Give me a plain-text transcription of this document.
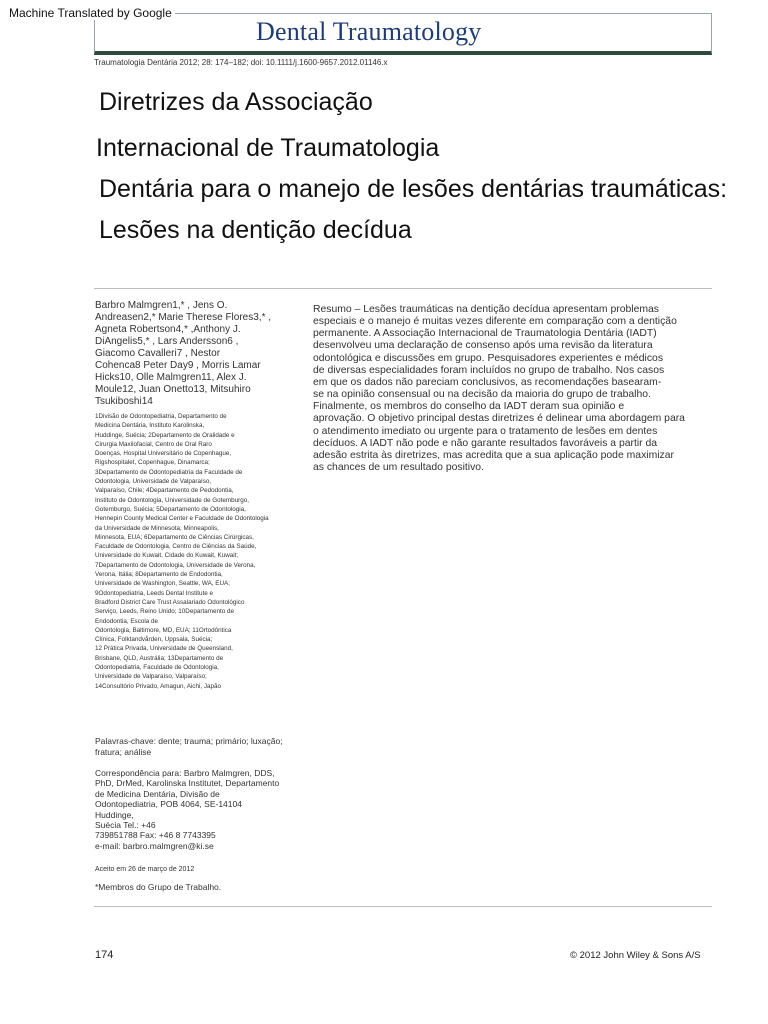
Machine Translated by Google
Dental Traumatology
Traumatologia Dentária 2012; 28: 174–182; doi: 10.1111/j.1600-9657.2012.01146.x
Diretrizes da Associação
Internacional de Traumatologia
Dentária para o manejo de lesões dentárias traumáticas:
Lesões na dentição decídua
Barbro Malmgren1,* , Jens O.
Andreasen2,* Marie Therese Flores3,* ,
Agneta Robertson4,* ,Anthony J.
DiAngelis5,* , Lars Andersson6 ,
Giacomo Cavalleri7 , Nestor
Cohenca8 Peter Day9 , Morris Lamar
Hicks10, Olle Malmgren11, Alex J.
Moule12, Juan Onetto13, Mitsuhiro
Tsukiboshi14
1Divisão de Odontopediatria, Departamento de
Medicina Dentária, Instituto Karolinska,
Huddinge, Suécia; 2Departamento de Oralidade e
Cirurgia Maxilofacial, Centro de Oral Raro
Doenças, Hospital Universitário de Copenhague,
Rigshospitalet, Copenhague, Dinamarca;
3Departamento de Odontopediatria da Faculdade de
Odontologia, Universidade de Valparaíso,
Valparaíso, Chile; 4Departamento de Pedodontia,
Instituto de Odontologia, Universidade de Gotemburgo,
Gotemburgo, Suécia; 5Departamento de Odontologia,
Hennepin County Medical Center e Faculdade de Odontologia
da Universidade de Minnesota, Minneapolis,
Minnesota, EUA; 6Departamento de Ciências Cirúrgicas,
Faculdade de Odontologia, Centro de Ciências da Saúde,
Universidade do Kuwait, Cidade do Kuwait, Kuwait;
7Departamento de Odontologia, Universidade de Verona,
Verona, Itália; 8Departamento de Endodontia,
Universidade de Washington, Seattle, WA, EUA;
9Odontopediatria, Leeds Dental Institute e
Bradford District Care Trust Assalariado Odontológico
Serviço, Leeds, Reino Unido; 10Departamento de
Endodontia, Escola de
Odontologia, Baltimore, MD, EUA; 11Ortodôntica
Clínica, Folktandvården, Uppsala, Suécia;
12 Prática Privada, Universidade de Queensland,
Brisbane, QLD, Austrália; 13Departamento de
Odontopediatria, Faculdade de Odontologia,
Universidade de Valparaíso, Valparaíso;
14Consultório Privado, Amagun, Aichi, Japão
Palavras-chave: dente; trauma; primário; luxação;
fratura; análise
Correspondência para: Barbro Malmgren, DDS,
PhD, DrMed, Karolinska Institutet, Departamento
de Medicina Dentária, Divisão de
Odontopediatria, POB 4064, SE-14104
Huddinge,
Suécia Tel.: +46
739851788 Fax: +46 8 7743395
e-mail: barbro.malmgren@ki.se
Aceito em 26 de março de 2012
*Membros do Grupo de Trabalho.
Resumo – Lesões traumáticas na dentição decídua apresentam problemas
especiais e o manejo é muitas vezes diferente em comparação com a dentição
permanente. A Associação Internacional de Traumatologia Dentária (IADT)
desenvolveu uma declaração de consenso após uma revisão da literatura
odontológica e discussões em grupo. Pesquisadores experientes e médicos
de diversas especialidades foram incluídos no grupo de trabalho. Nos casos
em que os dados não pareciam conclusivos, as recomendações basearam-
se na opinião consensual ou na decisão da maioria do grupo de trabalho.
Finalmente, os membros do conselho da IADT deram sua opinião e
aprovação. O objetivo principal destas diretrizes é delinear uma abordagem para
o atendimento imediato ou urgente para o tratamento de lesões em dentes
decíduos. A IADT não pode e não garante resultados favoráveis a partir da
adesão estrita às diretrizes, mas acredita que a sua aplicação pode maximizar
as chances de um resultado positivo.
174	© 2012 John Wiley & Sons A/S
